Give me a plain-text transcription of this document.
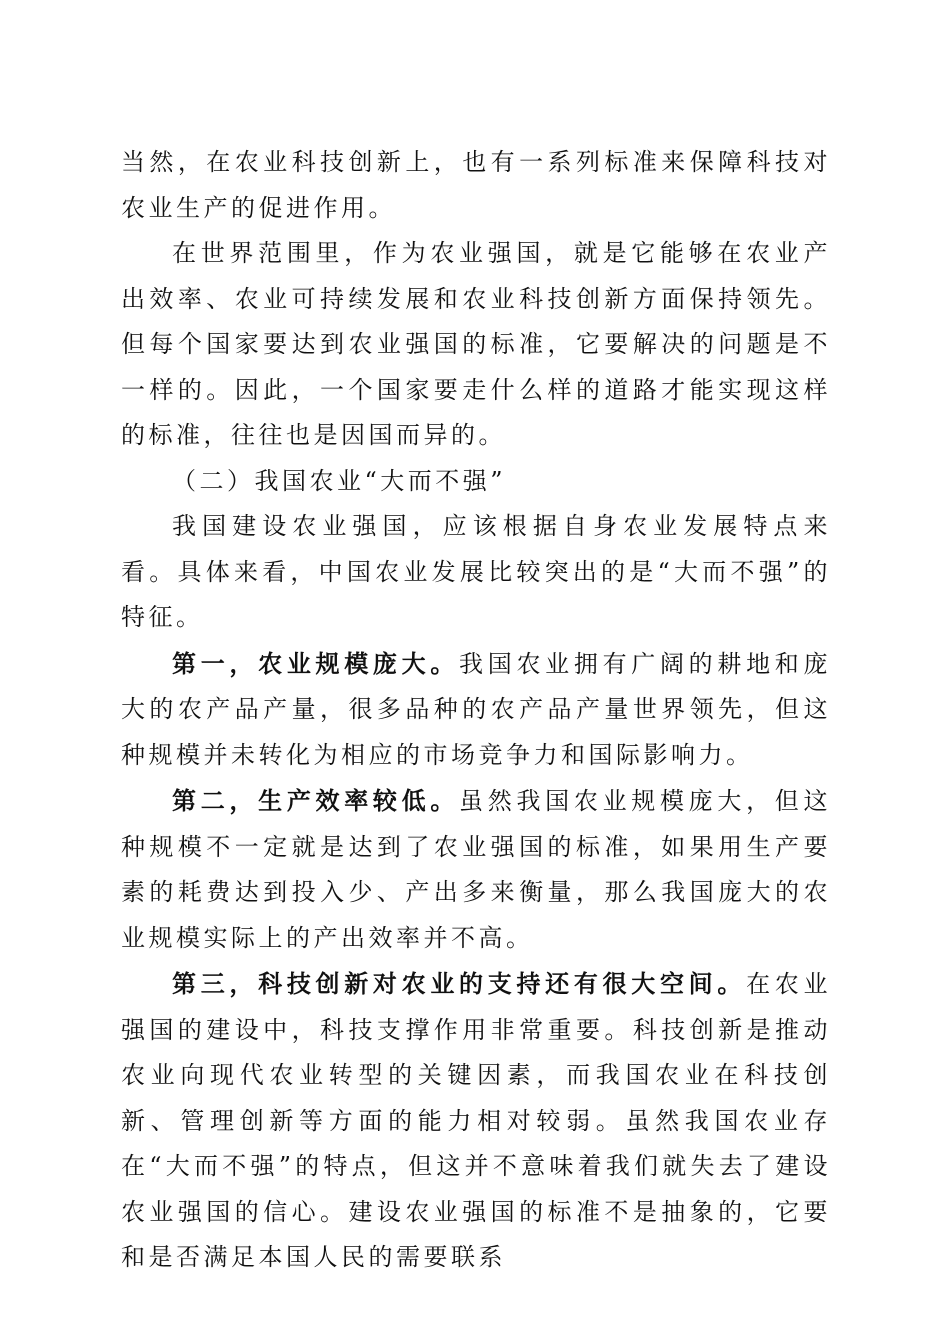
当然，在农业科技创新上，也有一系列标准来保障科技对农业生产的促进作用。

在世界范围里，作为农业强国，就是它能够在农业产出效率、农业可持续发展和农业科技创新方面保持领先。但每个国家要达到农业强国的标准，它要解决的问题是不一样的。因此，一个国家要走什么样的道路才能实现这样的标准，往往也是因国而异的。

（二）我国农业“大而不强”

我国建设农业强国，应该根据自身农业发展特点来看。具体来看，中国农业发展比较突出的是“大而不强”的特征。

第一，农业规模庞大。我国农业拥有广阔的耕地和庞大的农产品产量，很多品种的农产品产量世界领先，但这种规模并未转化为相应的市场竞争力和国际影响力。

第二，生产效率较低。虽然我国农业规模庞大，但这种规模不一定就是达到了农业强国的标准，如果用生产要素的耗费达到投入少、产出多来衡量，那么我国庞大的农业规模实际上的产出效率并不高。

第三，科技创新对农业的支持还有很大空间。在农业强国的建设中，科技支撑作用非常重要。科技创新是推动农业向现代农业转型的关键因素，而我国农业在科技创新、管理创新等方面的能力相对较弱。虽然我国农业存在“大而不强”的特点，但这并不意味着我们就失去了建设农业强国的信心。建设农业强国的标准不是抽象的，它要和是否满足本国人民的需要联系
